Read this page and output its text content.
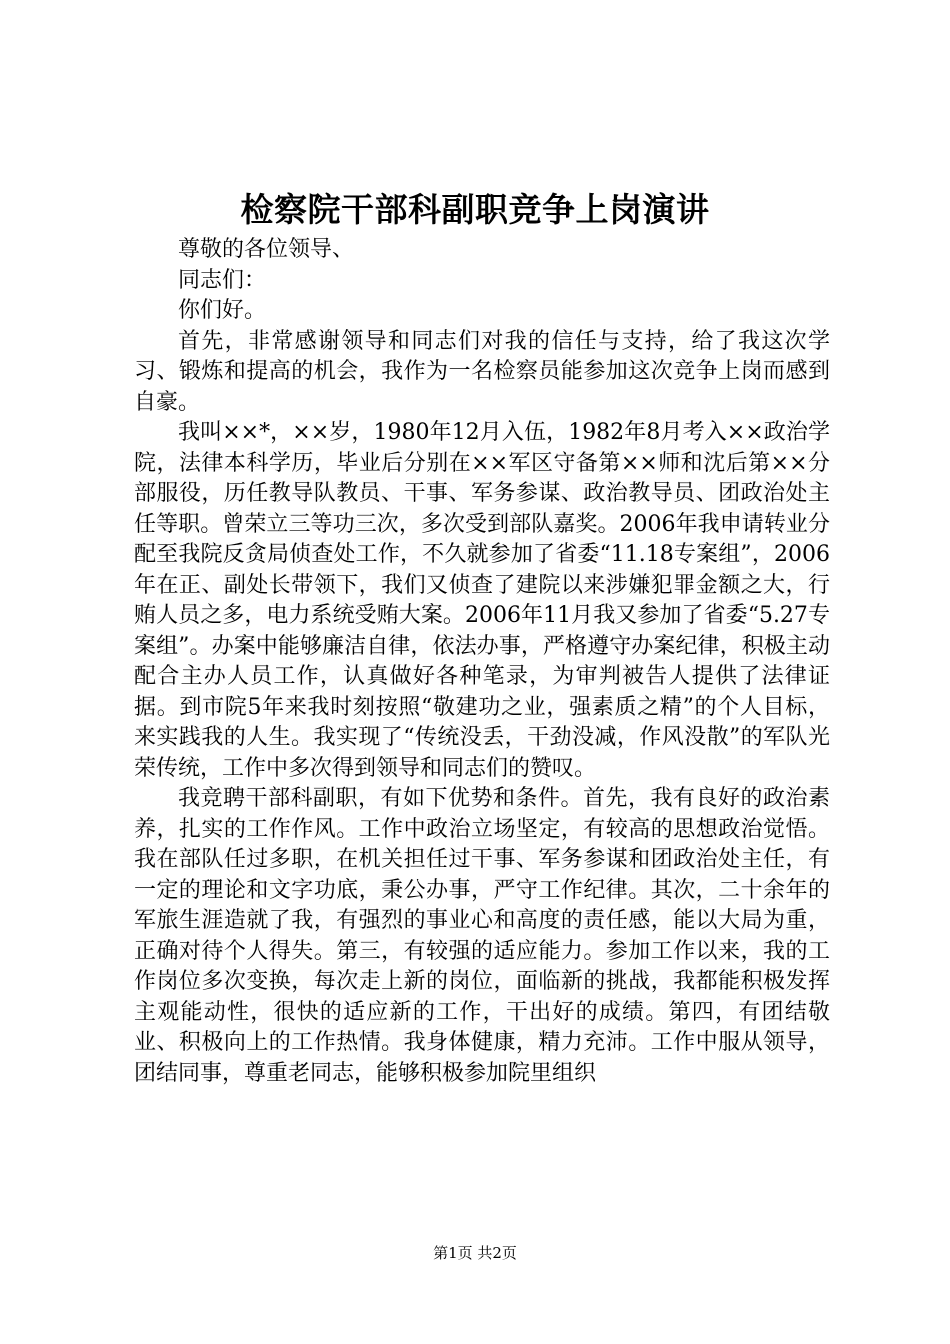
检察院干部科副职竞争上岗演讲

尊敬的各位领导、

同志们：

你们好。

首先，非常感谢领导和同志们对我的信任与支持，给了我这次学习、锻炼和提高的机会，我作为一名检察员能参加这次竞争上岗而感到自豪。

我叫××*，××岁，1980年12月入伍，1982年8月考入××政治学院，法律本科学历，毕业后分别在××军区守备第××师和沈后第××分部服役，历任教导队教员、干事、军务参谋、政治教导员、团政治处主任等职。曾荣立三等功三次，多次受到部队嘉奖。2006年我申请转业分配至我院反贪局侦查处工作，不久就参加了省委“11.18专案组”，2006年在正、副处长带领下，我们又侦查了建院以来涉嫌犯罪金额之大，行贿人员之多，电力系统受贿大案。2006年11月我又参加了省委“5.27专案组”。办案中能够廉洁自律，依法办事，严格遵守办案纪律，积极主动配合主办人员工作，认真做好各种笔录，为审判被告人提供了法律证据。到市院5年来我时刻按照“敬建功之业，强素质之精”的个人目标，来实践我的人生。我实现了“传统没丢，干劲没减，作风没散”的军队光荣传统，工作中多次得到领导和同志们的赞叹。

我竞聘干部科副职，有如下优势和条件。首先，我有良好的政治素养，扎实的工作作风。工作中政治立场坚定，有较高的思想政治觉悟。我在部队任过多职，在机关担任过干事、军务参谋和团政治处主任，有一定的理论和文字功底，秉公办事，严守工作纪律。其次，二十余年的军旅生涯造就了我，有强烈的事业心和高度的责任感，能以大局为重，正确对待个人得失。第三，有较强的适应能力。参加工作以来，我的工作岗位多次变换，每次走上新的岗位，面临新的挑战，我都能积极发挥主观能动性，很快的适应新的工作，干出好的成绩。第四，有团结敬业、积极向上的工作热情。我身体健康，精力充沛。工作中服从领导，团结同事，尊重老同志，能够积极参加院里组织

第1页 共2页
